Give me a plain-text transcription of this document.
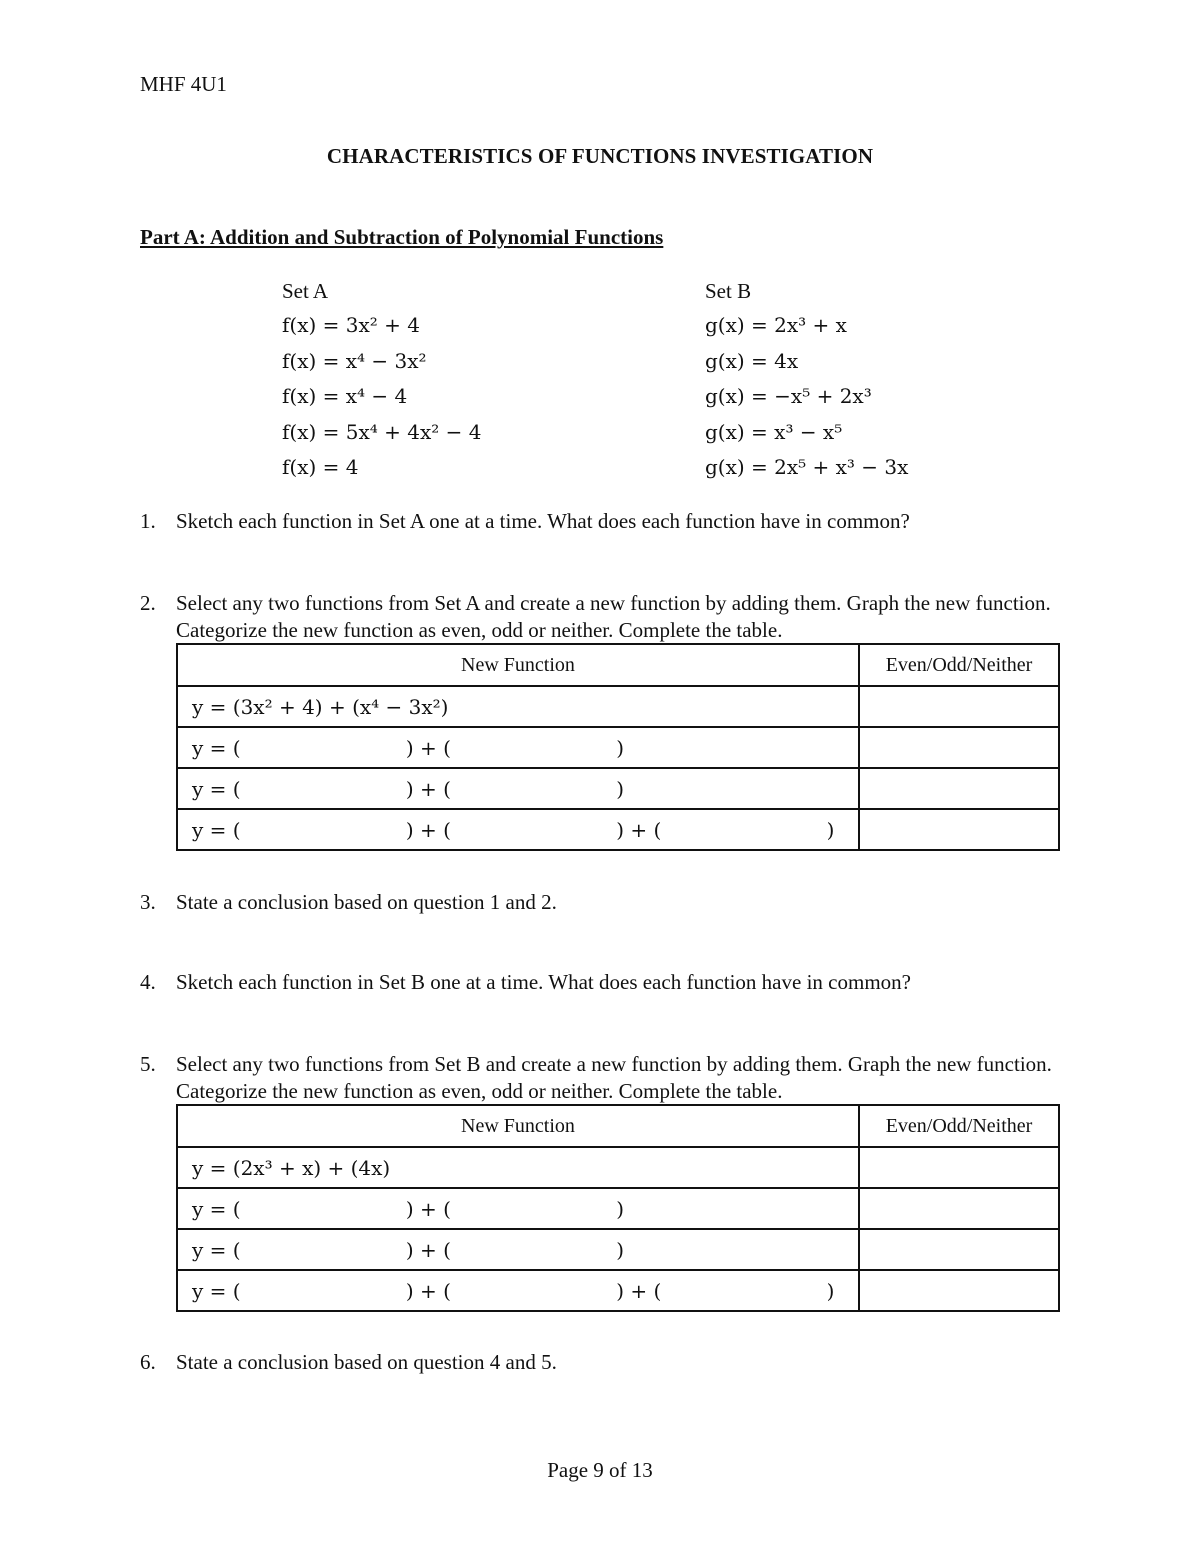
MHF 4U1
CHARACTERISTICS OF FUNCTIONS INVESTIGATION
Part A: Addition and Subtraction of Polynomial Functions
Set A
f(x) = 3x² + 4
f(x) = x⁴ − 3x²
f(x) = x⁴ − 4
f(x) = 5x⁴ + 4x² − 4
f(x) = 4
Set B
g(x) = 2x³ + x
g(x) = 4x
g(x) = −x⁵ + 2x³
g(x) = x³ − x⁵
g(x) = 2x⁵ + x³ − 3x
1. Sketch each function in Set A one at a time. What does each function have in common?
2. Select any two functions from Set A and create a new function by adding them. Graph the new function. Categorize the new function as even, odd or neither. Complete the table.
New Function	Even/Odd/Neither
y = (3x² + 4) + (x⁴ − 3x²)	
y = (                          ) + (                          )	
y = (                          ) + (                          )	
y = (                          ) + (                          ) + (                          )	
3. State a conclusion based on question 1 and 2.
4. Sketch each function in Set B one at a time. What does each function have in common?
5. Select any two functions from Set B and create a new function by adding them. Graph the new function. Categorize the new function as even, odd or neither. Complete the table.
New Function	Even/Odd/Neither
y = (2x³ + x) + (4x)	
y = (                          ) + (                          )	
y = (                          ) + (                          )	
y = (                          ) + (                          ) + (                          )	
6. State a conclusion based on question 4 and 5.
Page 9 of 13
